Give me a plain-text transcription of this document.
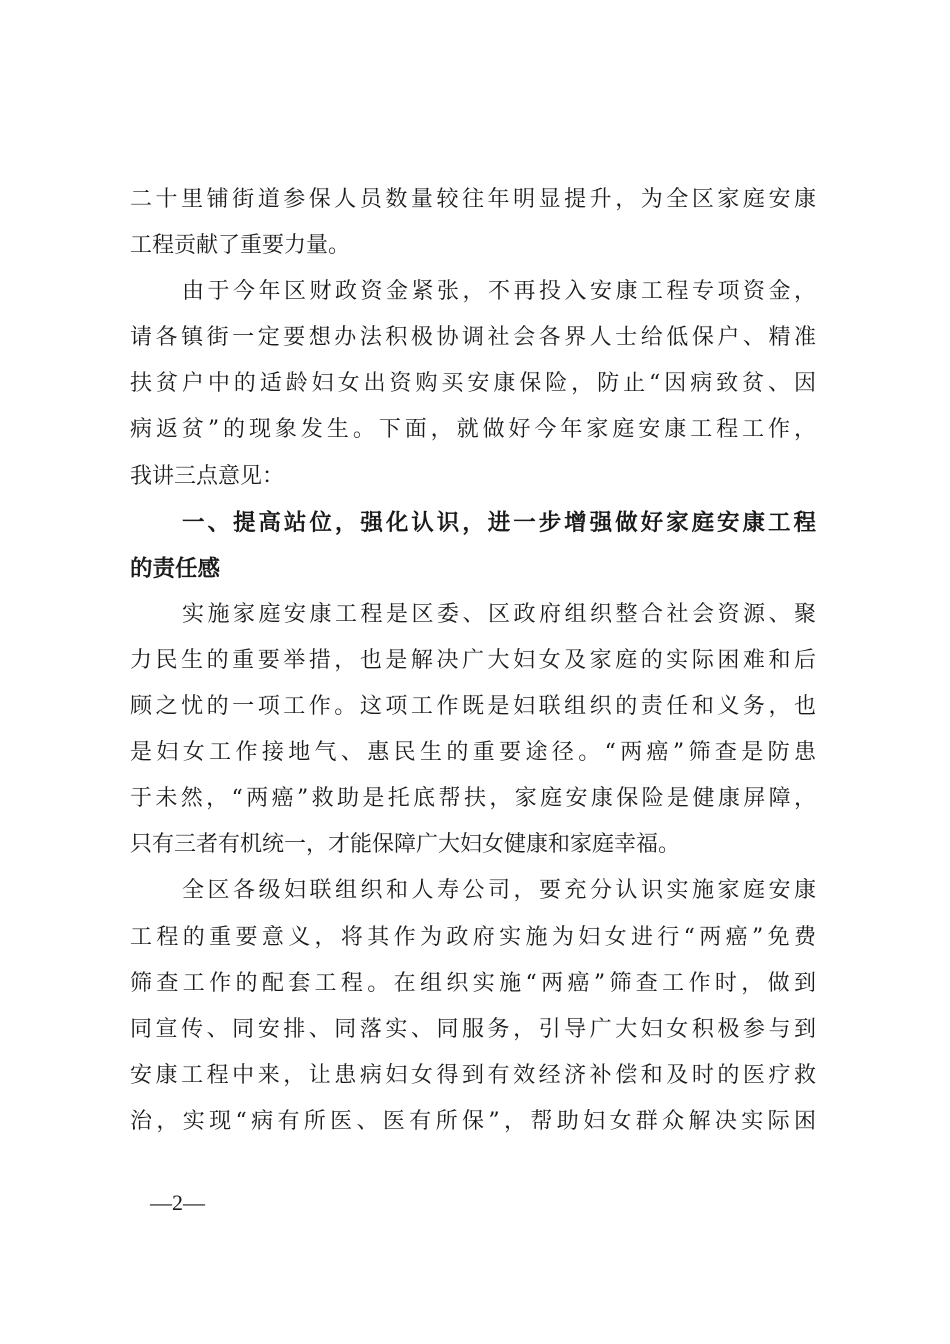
二十里铺街道参保人员数量较往年明显提升，为全区家庭安康
工程贡献了重要力量。
由于今年区财政资金紧张，不再投入安康工程专项资金，
请各镇街一定要想办法积极协调社会各界人士给低保户、精准
扶贫户中的适龄妇女出资购买安康保险，防止“因病致贫、因
病返贫”的现象发生。下面，就做好今年家庭安康工程工作，
我讲三点意见：
一、提高站位，强化认识，进一步增强做好家庭安康工程
的责任感
实施家庭安康工程是区委、区政府组织整合社会资源、聚
力民生的重要举措，也是解决广大妇女及家庭的实际困难和后
顾之忧的一项工作。这项工作既是妇联组织的责任和义务，也
是妇女工作接地气、惠民生的重要途径。“两癌”筛查是防患
于未然，“两癌”救助是托底帮扶，家庭安康保险是健康屏障，
只有三者有机统一，才能保障广大妇女健康和家庭幸福。
全区各级妇联组织和人寿公司，要充分认识实施家庭安康
工程的重要意义，将其作为政府实施为妇女进行“两癌”免费
筛查工作的配套工程。在组织实施“两癌”筛查工作时，做到
同宣传、同安排、同落实、同服务，引导广大妇女积极参与到
安康工程中来，让患病妇女得到有效经济补偿和及时的医疗救
治，实现“病有所医、医有所保”，帮助妇女群众解决实际困
—2—
